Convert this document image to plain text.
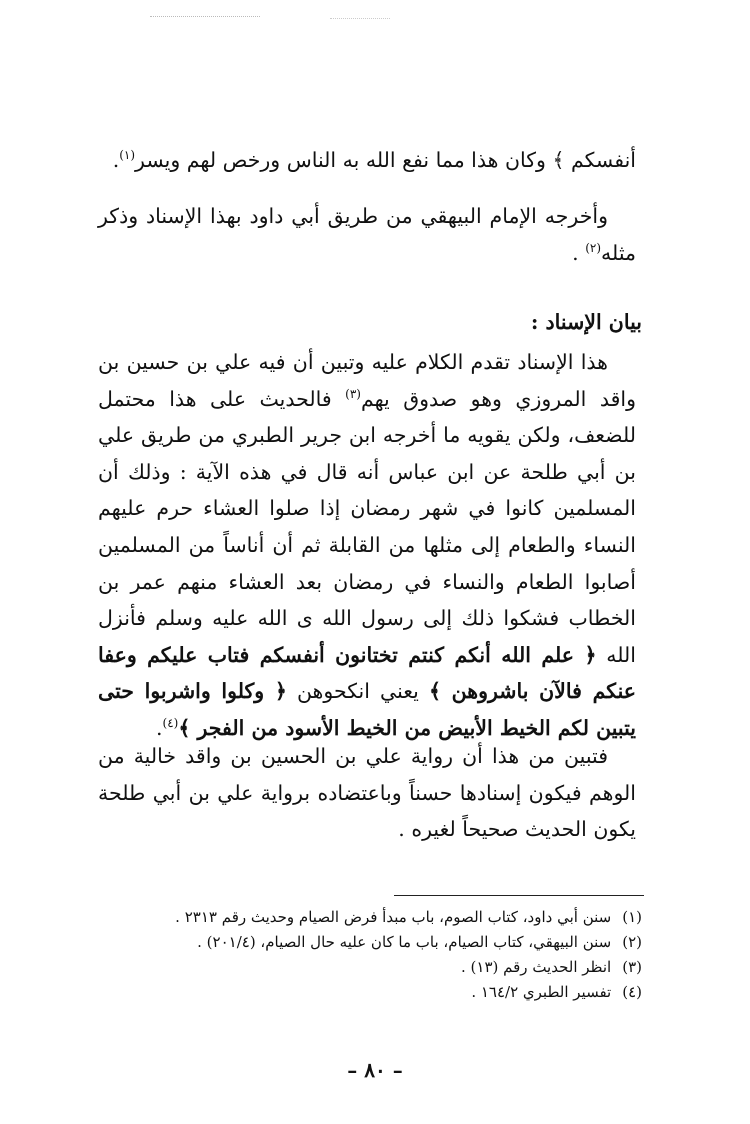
أنفسكم ﴾ وكان هذا مما نفع الله به الناس ورخص لهم ويسر$^{(١)}$.

وأخرجه الإمام البيهقي من طريق أبي داود بهذا الإسناد وذكر مثله$^{(٢)}$ .

بيان الإسناد :

هذا الإسناد تقدم الكلام عليه وتبين أن فيه علي بن حسين بن واقد المروزي وهو صدوق يهم$^{(٣)}$ فالحديث على هذا محتمل للضعف، ولكن يقويه ما أخرجه ابن جرير الطبري من طريق علي بن أبي طلحة عن ابن عباس أنه قال في هذه الآية : وذلك أن المسلمين كانوا في شهر رمضان إذا صلوا العشاء حرم عليهم النساء والطعام إلى مثلها من القابلة ثم أن أناساً من المسلمين أصابوا الطعام والنساء في رمضان بعد العشاء منهم عمر بن الخطاب فشكوا ذلك إلى رسول الله ى الله عليه وسلم فأنزل الله ﴿ علم الله أنكم كنتم تختانون أنفسكم فتاب عليكم وعفا عنكم فالآن باشروهن ﴾ يعني انكحوهن ﴿ وكلوا واشربوا حتى يتبين لكم الخيط الأبيض من الخيط الأسود من الفجر ﴾$^{(٤)}$.

فتبين من هذا أن رواية علي بن الحسين بن واقد خالية من الوهم فيكون إسنادها حسناً وباعتضاده برواية علي بن أبي طلحة يكون الحديث صحيحاً لغيره .

(١) سنن أبي داود، كتاب الصوم، باب مبدأ فرض الصيام وحديث رقم ٢٣١٣ .
(٢) سنن البيهقي، كتاب الصيام، باب ما كان عليه حال الصيام، (٢٠١/٤) .
(٣) انظر الحديث رقم (١٣) .
(٤) تفسير الطبري ١٦٤/٢ .
– ٨٠ –
